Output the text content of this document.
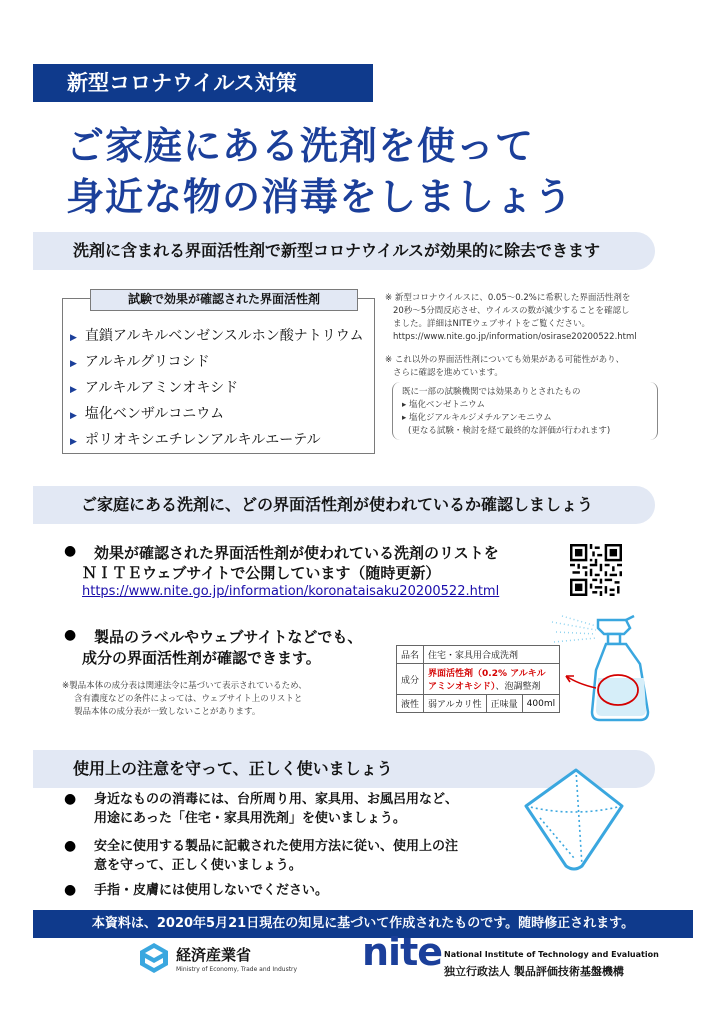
新型コロナウイルス対策
ご家庭にある洗剤を使って
身近な物の消毒をしましょう
洗剤に含まれる界面活性剤で新型コロナウイルスが効果的に除去できます
試験で効果が確認された界面活性剤
▶ 直鎖アルキルベンゼンスルホン酸ナトリウム
▶ アルキルグリコシド
▶ アルキルアミンオキシド
▶ 塩化ベンザルコニウム
▶ ポリオキシエチレンアルキルエーテル
※ 新型コロナウイルスに、0.05〜0.2%に希釈した界面活性剤を
20秒〜5分間反応させ、ウイルスの数が減少することを確認し
ました。詳細はNITEウェブサイトをご覧ください。
https://www.nite.go.jp/information/osirase20200522.html
※ これ以外の界面活性剤についても効果がある可能性があり、
さらに確認を進めています。
既に一部の試験機関では効果ありとされたもの
▸ 塩化ベンゼトニウム
▸ 塩化ジアルキルジメチルアンモニウム
(更なる試験・検討を経て最終的な評価が行われます)
ご家庭にある洗剤に、どの界面活性剤が使われているか確認しましょう
● 効果が確認された界面活性剤が使われている洗剤のリストを
ＮＩＴＥウェブサイトで公開しています（随時更新）
https://www.nite.go.jp/information/koronataisaku20200522.html
● 製品のラベルやウェブサイトなどでも、
成分の界面活性剤が確認できます。
※製品本体の成分表は関連法令に基づいて表示されているため、
含有濃度などの条件によっては、ウェブサイト上のリストと
製品本体の成分表が一致しないことがあります。
品名	住宅・家具用合成洗剤		
成分	界面活性剤（0.2% アルキル
アミンオキシド）、泡調整剤		

液性	弱アルカリ性	正味量	400ml
使用上の注意を守って、正しく使いましょう
● 身近なものの消毒には、台所周り用、家具用、お風呂用など、
用途にあった「住宅・家具用洗剤」を使いましょう。
● 安全に使用する製品に記載された使用方法に従い、使用上の注
意を守って、正しく使いましょう。
● 手指・皮膚には使用しないでください。
本資料は、2020年5月21日現在の知見に基づいて作成されたものです。随時修正されます。
経済産業省
Ministry of Economy, Trade and Industry nite National Institute of Technology and Evaluation
独立行政法人 製品評価技術基盤機構
